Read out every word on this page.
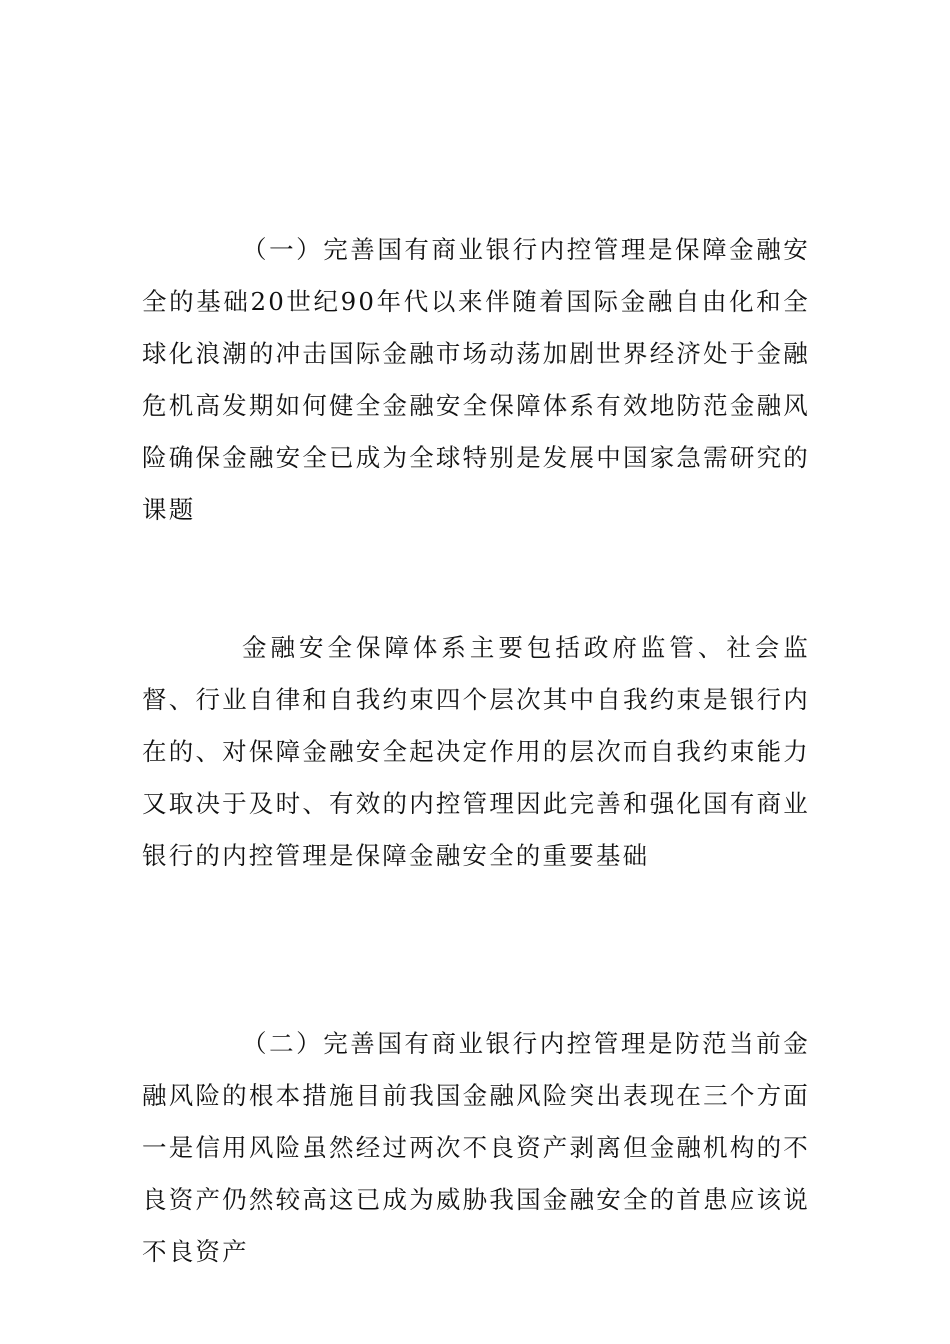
（一）完善国有商业银行内控管理是保障金融安全的基础20世纪90年代以来伴随着国际金融自由化和全球化浪潮的冲击国际金融市场动荡加剧世界经济处于金融危机高发期如何健全金融安全保障体系有效地防范金融风险确保金融安全已成为全球特别是发展中国家急需研究的课题

金融安全保障体系主要包括政府监管、社会监督、行业自律和自我约束四个层次其中自我约束是银行内在的、对保障金融安全起决定作用的层次而自我约束能力又取决于及时、有效的内控管理因此完善和强化国有商业银行的内控管理是保障金融安全的重要基础

（二）完善国有商业银行内控管理是防范当前金融风险的根本措施目前我国金融风险突出表现在三个方面一是信用风险虽然经过两次不良资产剥离但金融机构的不良资产仍然较高这已成为威胁我国金融安全的首患应该说不良资产
